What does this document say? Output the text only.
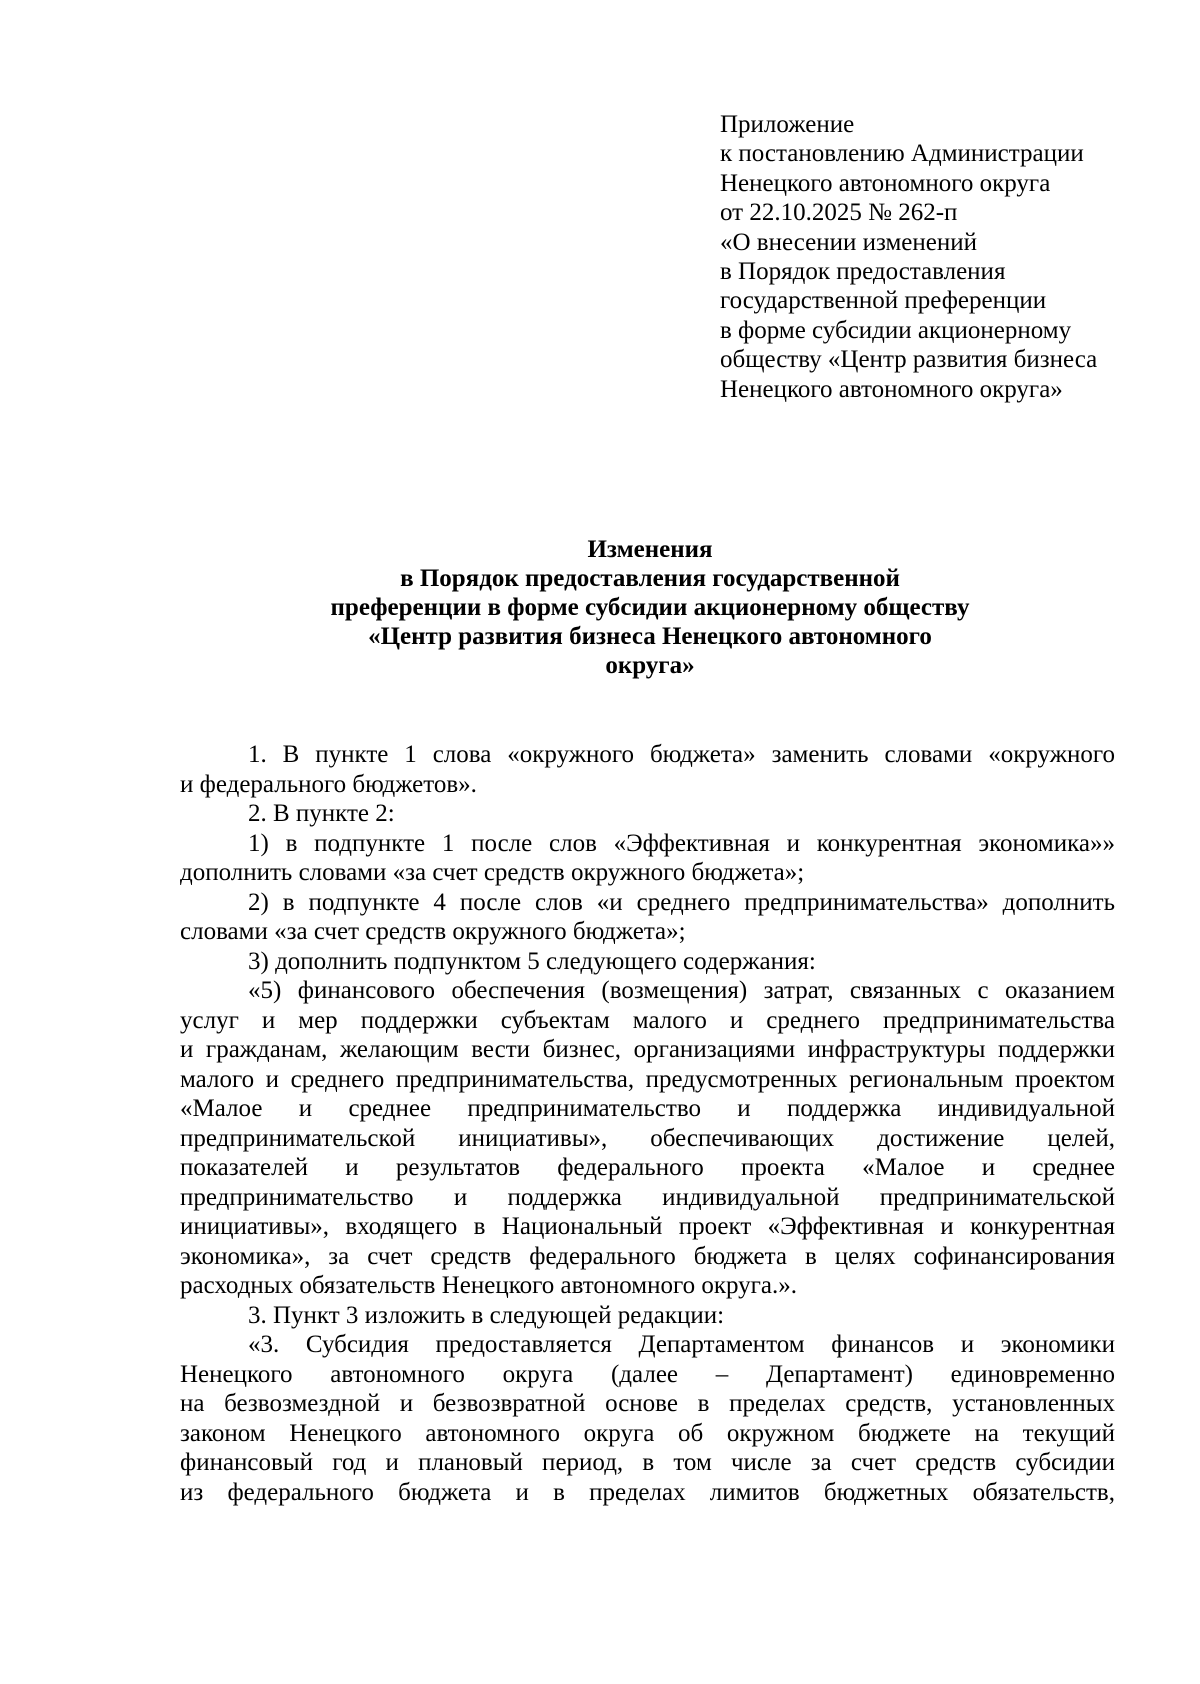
Приложение
к постановлению Администрации
Ненецкого автономного округа
от 22.10.2025 № 262-п
«О внесении изменений
в Порядок предоставления
государственной преференции
в форме субсидии акционерному
обществу «Центр развития бизнеса
Ненецкого автономного округа»
Изменения
в Порядок предоставления государственной
преференции в форме субсидии акционерному обществу
«Центр развития бизнеса Ненецкого автономного
округа»
1. В пункте 1 слова «окружного бюджета» заменить словами «окружного
и федерального бюджетов».
2. В пункте 2:
1) в подпункте 1 после слов «Эффективная и конкурентная экономика»»
дополнить словами «за счет средств окружного бюджета»;
2) в подпункте 4 после слов «и среднего предпринимательства» дополнить
словами «за счет средств окружного бюджета»;
3) дополнить подпунктом 5 следующего содержания:
«5) финансового обеспечения (возмещения) затрат, связанных с оказанием
услуг и мер поддержки субъектам малого и среднего предпринимательства
и гражданам, желающим вести бизнес, организациями инфраструктуры поддержки
малого и среднего предпринимательства, предусмотренных региональным проектом
«Малое и среднее предпринимательство и поддержка индивидуальной
предпринимательской инициативы», обеспечивающих достижение целей,
показателей и результатов федерального проекта «Малое и среднее
предпринимательство и поддержка индивидуальной предпринимательской
инициативы», входящего в Национальный проект «Эффективная и конкурентная
экономика», за счет средств федерального бюджета в целях софинансирования
расходных обязательств Ненецкого автономного округа.».
3. Пункт 3 изложить в следующей редакции:
«3. Субсидия предоставляется Департаментом финансов и экономики
Ненецкого автономного округа (далее – Департамент) единовременно
на безвозмездной и безвозвратной основе в пределах средств, установленных
законом Ненецкого автономного округа об окружном бюджете на текущий
финансовый год и плановый период, в том числе за счет средств субсидии
из федерального бюджета и в пределах лимитов бюджетных обязательств,
